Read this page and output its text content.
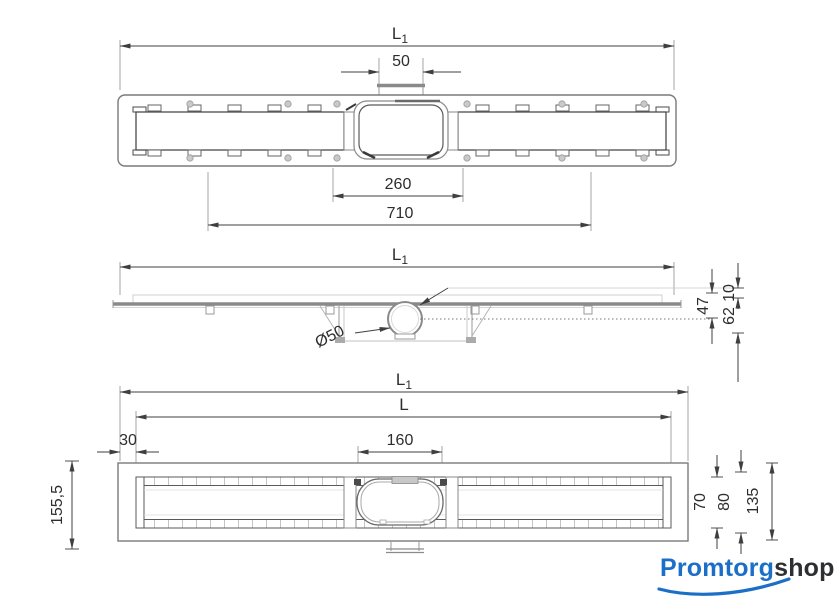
$L_1$
50
260
710
$L_1$
Ø50
47
10
62
$L_1$
L
30	160
155,5	70 80 135
Promtorgshop
